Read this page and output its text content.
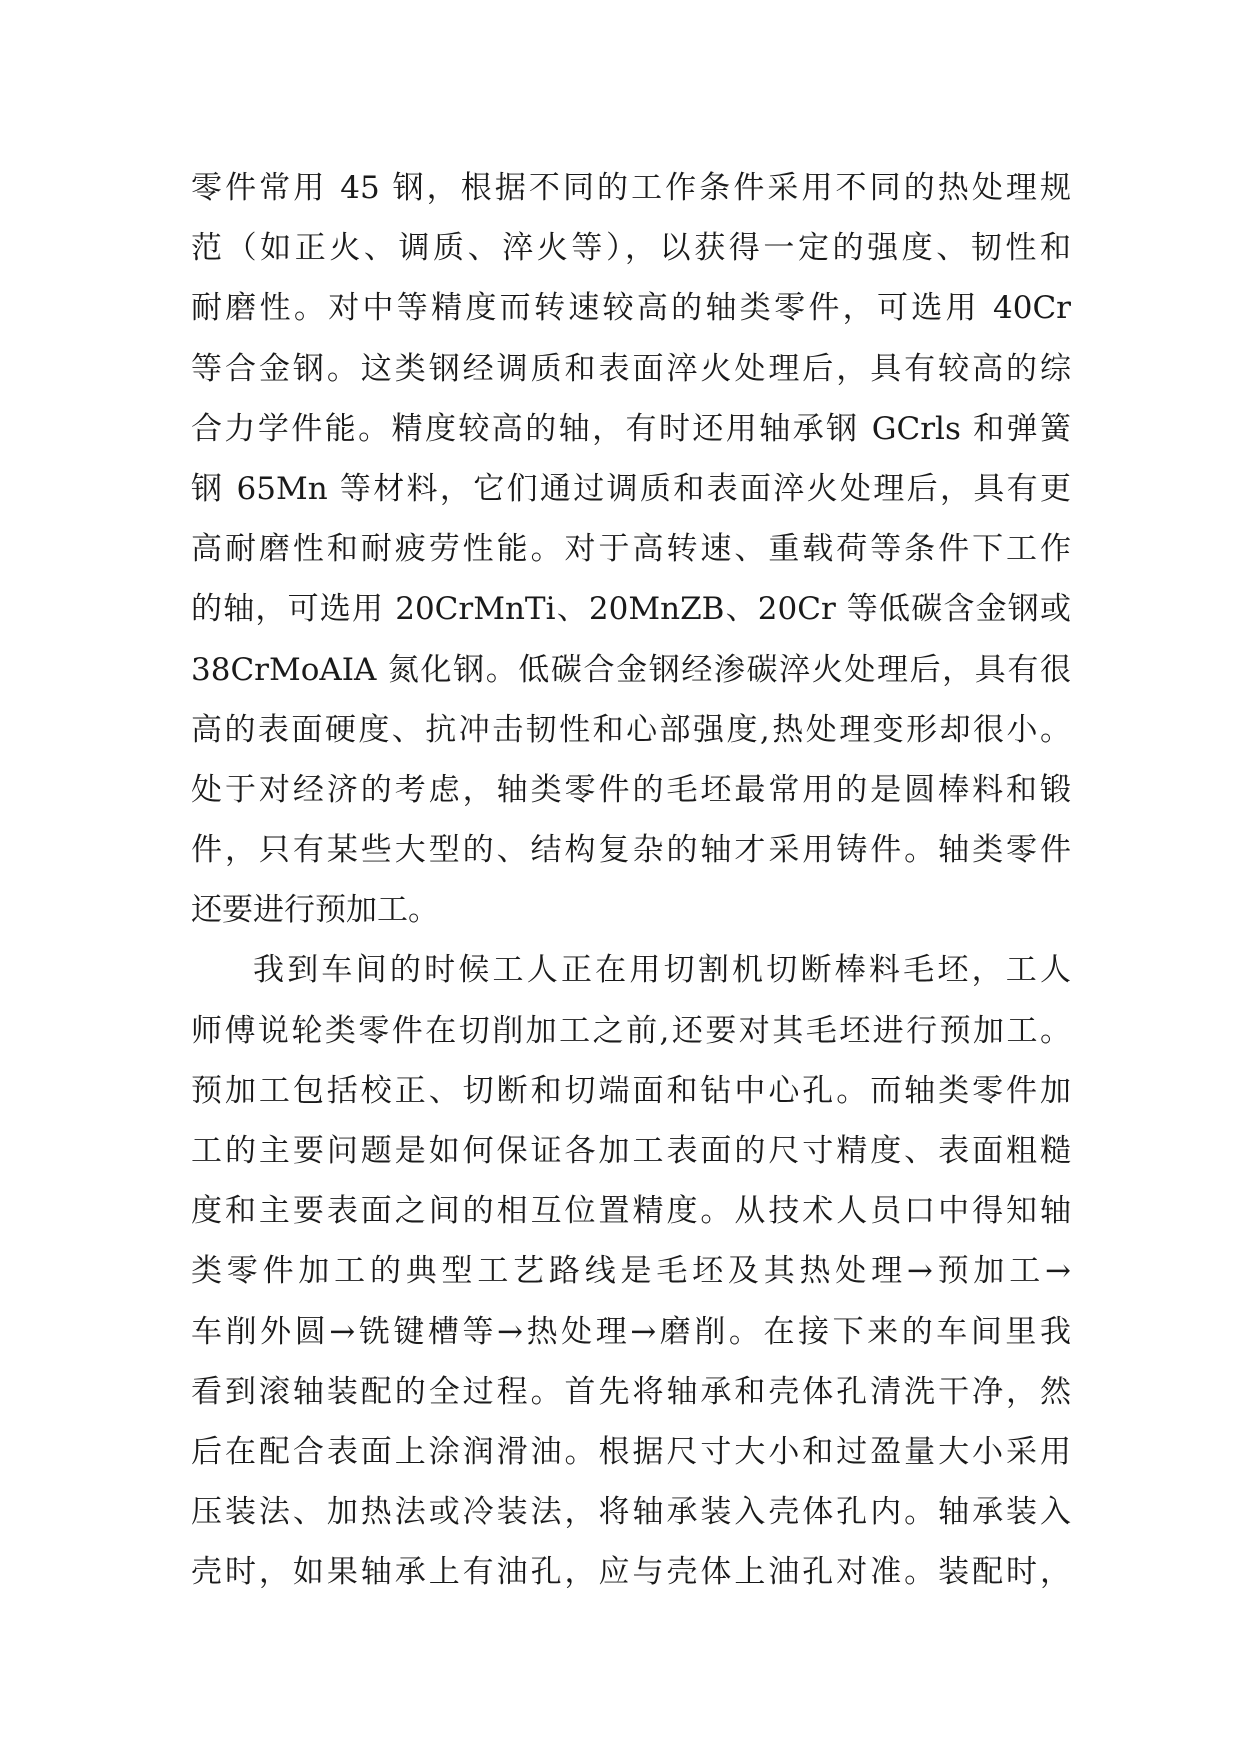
零件常用 45 钢，根据不同的工作条件采用不同的热处理规
范（如正火、调质、淬火等），以获得一定的强度、韧性和
耐磨性。对中等精度而转速较高的轴类零件，可选用 40Cr
等合金钢。这类钢经调质和表面淬火处理后，具有较高的综
合力学件能。精度较高的轴，有时还用轴承钢 GCrls 和弹簧
钢 65Mn 等材料，它们通过调质和表面淬火处理后，具有更
高耐磨性和耐疲劳性能。对于高转速、重载荷等条件下工作
的轴，可选用 20CrMnTi、20MnZB、20Cr 等低碳含金钢或
38CrMoAIA 氮化钢。低碳合金钢经渗碳淬火处理后，具有很
高的表面硬度、抗冲击韧性和心部强度,热处理变形却很小。
处于对经济的考虑，轴类零件的毛坯最常用的是圆棒料和锻
件，只有某些大型的、结构复杂的轴才采用铸件。轴类零件
还要进行预加工。
我到车间的时候工人正在用切割机切断棒料毛坯，工人
师傅说轮类零件在切削加工之前,还要对其毛坯进行预加工。
预加工包括校正、切断和切端面和钻中心孔。而轴类零件加
工的主要问题是如何保证各加工表面的尺寸精度、表面粗糙
度和主要表面之间的相互位置精度。从技术人员口中得知轴
类零件加工的典型工艺路线是毛坯及其热处理→预加工→
车削外圆→铣键槽等→热处理→磨削。在接下来的车间里我
看到滚轴装配的全过程。首先将轴承和壳体孔清洗干净，然
后在配合表面上涂润滑油。根据尺寸大小和过盈量大小采用
压装法、加热法或冷装法，将轴承装入壳体孔内。轴承装入
壳时，如果轴承上有油孔，应与壳体上油孔对准。装配时，
